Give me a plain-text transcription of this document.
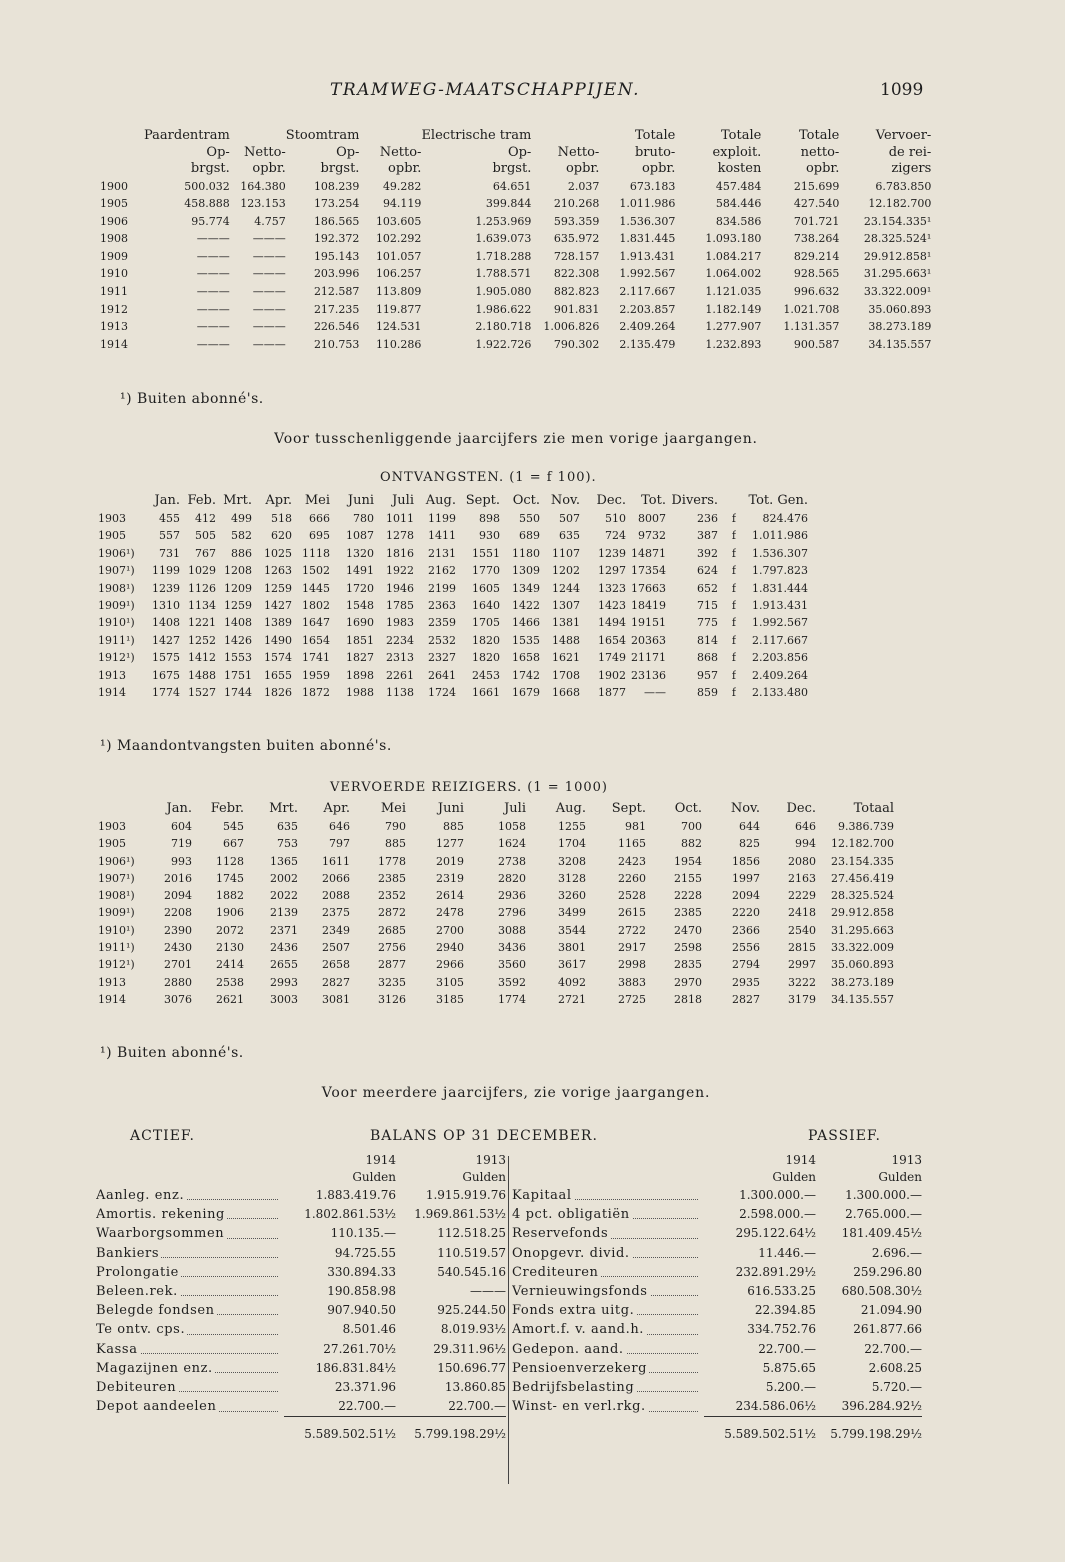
TRAMWEG-MAATSCHAPPIJEN.	1099
	Paardentram		Stoomtram		Electrische tram		Totale	Totale	Totale	Vervoer-
	Op-	Netto-	Op-	Netto-	Op-	Netto-	bruto-	exploit.	netto-	de rei-
	brgst.	opbr.	brgst.	opbr.	brgst.	opbr.	opbr.	kosten	opbr.	zigers
1900	500.032	164.380	108.239	49.282	64.651	2.037	673.183	457.484	215.699	6.783.850
1905	458.888	123.153	173.254	94.119	399.844	210.268	1.011.986	584.446	427.540	12.182.700
1906	95.774	4.757	186.565	103.605	1.253.969	593.359	1.536.307	834.586	701.721	23.154.335¹
1908	———	———	192.372	102.292	1.639.073	635.972	1.831.445	1.093.180	738.264	28.325.524¹
1909	———	———	195.143	101.057	1.718.288	728.157	1.913.431	1.084.217	829.214	29.912.858¹
1910	———	———	203.996	106.257	1.788.571	822.308	1.992.567	1.064.002	928.565	31.295.663¹
1911	———	———	212.587	113.809	1.905.080	882.823	2.117.667	1.121.035	996.632	33.322.009¹
1912	———	———	217.235	119.877	1.986.622	901.831	2.203.857	1.182.149	1.021.708	35.060.893
1913	———	———	226.546	124.531	2.180.718	1.006.826	2.409.264	1.277.907	1.131.357	38.273.189
1914	———	———	210.753	110.286	1.922.726	790.302	2.135.479	1.232.893	900.587	34.135.557
¹) Buiten abonné's.
Voor tusschenliggende jaarcijfers zie men vorige jaargangen.
ONTVANGSTEN. (1 = f 100).
	Jan.	Feb.	Mrt.	Apr.	Mei	Juni	Juli	Aug.	Sept.	Oct.	Nov.	Dec.	Tot.	Divers.		Tot. Gen.
1903	455	412	499	518	666	780	1011	1199	898	550	507	510	8007	236	f	824.476
1905	557	505	582	620	695	1087	1278	1411	930	689	635	724	9732	387	f	1.011.986
1906¹)	731	767	886	1025	1118	1320	1816	2131	1551	1180	1107	1239	14871	392	f	1.536.307
1907¹)	1199	1029	1208	1263	1502	1491	1922	2162	1770	1309	1202	1297	17354	624	f	1.797.823
1908¹)	1239	1126	1209	1259	1445	1720	1946	2199	1605	1349	1244	1323	17663	652	f	1.831.444
1909¹)	1310	1134	1259	1427	1802	1548	1785	2363	1640	1422	1307	1423	18419	715	f	1.913.431
1910¹)	1408	1221	1408	1389	1647	1690	1983	2359	1705	1466	1381	1494	19151	775	f	1.992.567
1911¹)	1427	1252	1426	1490	1654	1851	2234	2532	1820	1535	1488	1654	20363	814	f	2.117.667
1912¹)	1575	1412	1553	1574	1741	1827	2313	2327	1820	1658	1621	1749	21171	868	f	2.203.856
1913	1675	1488	1751	1655	1959	1898	2261	2641	2453	1742	1708	1902	23136	957	f	2.409.264
1914	1774	1527	1744	1826	1872	1988	1138	1724	1661	1679	1668	1877	——	859	f	2.133.480
¹) Maandontvangsten buiten abonné's.
VERVOERDE REIZIGERS. (1 = 1000)
	Jan.	Febr.	Mrt.	Apr.	Mei	Juni	Juli	Aug.	Sept.	Oct.	Nov.	Dec.	Totaal
1903	604	545	635	646	790	885	1058	1255	981	700	644	646	9.386.739
1905	719	667	753	797	885	1277	1624	1704	1165	882	825	994	12.182.700
1906¹)	993	1128	1365	1611	1778	2019	2738	3208	2423	1954	1856	2080	23.154.335
1907¹)	2016	1745	2002	2066	2385	2319	2820	3128	2260	2155	1997	2163	27.456.419
1908¹)	2094	1882	2022	2088	2352	2614	2936	3260	2528	2228	2094	2229	28.325.524
1909¹)	2208	1906	2139	2375	2872	2478	2796	3499	2615	2385	2220	2418	29.912.858
1910¹)	2390	2072	2371	2349	2685	2700	3088	3544	2722	2470	2366	2540	31.295.663
1911¹)	2430	2130	2436	2507	2756	2940	3436	3801	2917	2598	2556	2815	33.322.009
1912¹)	2701	2414	2655	2658	2877	2966	3560	3617	2998	2835	2794	2997	35.060.893
1913	2880	2538	2993	2827	3235	3105	3592	4092	3883	2970	2935	3222	38.273.189
1914	3076	2621	3003	3081	3126	3185	1774	2721	2725	2818	2827	3179	34.135.557
¹) Buiten abonné's.
Voor meerdere jaarcijfers, zie vorige jaargangen.
ACTIEF.	BALANS OP 31 DECEMBER.	PASSIEF.
	1914	1913
	Gulden	Gulden
Aanleg. enz.	1.883.419.76	1.915.919.76
Amortis. rekening	1.802.861.53½	1.969.861.53½
Waarborgsommen	110.135.—	112.518.25
Bankiers	94.725.55	110.519.57
Prolongatie	330.894.33	540.545.16
Beleen.rek.	190.858.98	———
Belegde fondsen	907.940.50	925.244.50
Te ontv. cps.	8.501.46	8.019.93½
Kassa	27.261.70½	29.311.96½
Magazijnen enz.	186.831.84½	150.696.77
Debiteuren	23.371.96	13.860.85
Depot aandeelen	22.700.—	22.700.—
	5.589.502.51½	5.799.198.29½
	1914	1913
	Gulden	Gulden
Kapitaal	1.300.000.—	1.300.000.—
4 pct. obligatiën	2.598.000.—	2.765.000.—
Reservefonds	295.122.64½	181.409.45½
Onopgevr. divid.	11.446.—	2.696.—
Crediteuren	232.891.29½	259.296.80
Vernieuwingsfonds	616.533.25	680.508.30½
Fonds extra uitg.	22.394.85	21.094.90
Amort.f. v. aand.h.	334.752.76	261.877.66
Gedepon. aand.	22.700.—	22.700.—
Pensioenverzekerg	5.875.65	2.608.25
Bedrijfsbelasting	5.200.—	5.720.—
Winst- en verl.rkg.	234.586.06½	396.284.92½
	5.589.502.51½	5.799.198.29½
